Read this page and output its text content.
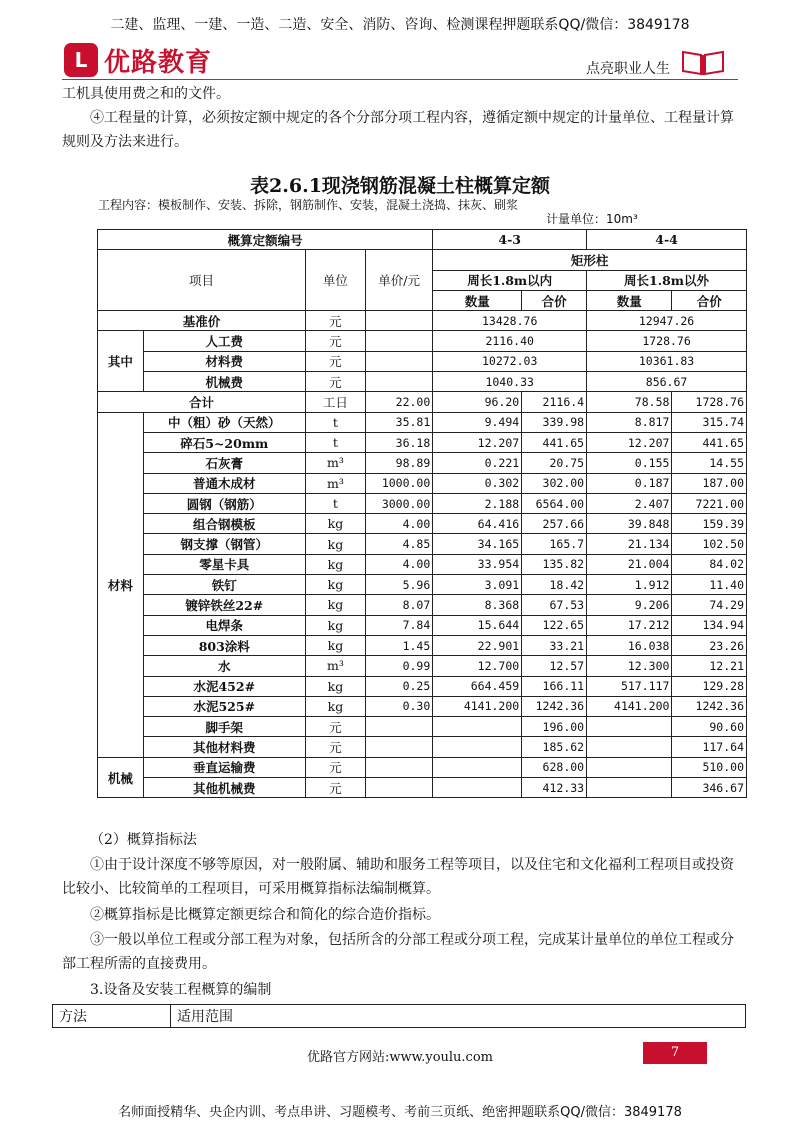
二建、监理、一建、一造、二造、安全、消防、咨询、检测课程押题联系QQ/微信：3849178
L 优路教育	点亮职业人生
工机具使用费之和的文件。
④工程量的计算，必须按定额中规定的各个分部分项工程内容，遵循定额中规定的计量单位、工程量计算规则及方法来进行。
表2.6.1现浇钢筋混凝土柱概算定额
工程内容：模板制作、安装、拆除，钢筋制作、安装，混凝土浇捣、抹灰、刷浆
计量单位：10m³
概算定额编号				4-3		4-4	
项目		单位	单价/元	矩形柱			
				周长1.8m以内		周长1.8m以外	
				数量	合价	数量	合价
基准价		元		13428.76		12947.26	
其中	人工费	元		2116.40		1728.76	
	材料费	元		10272.03		10361.83	
	机械费	元		1040.33		856.67	
合计		工日	22.00	96.20	2116.4	78.58	1728.76
材料	中（粗）砂（天然）	t	35.81	9.494	339.98	8.817	315.74
	碎石5~20mm	t	36.18	12.207	441.65	12.207	441.65
	石灰膏	m³	98.89	0.221	20.75	0.155	14.55
	普通木成材	m³	1000.00	0.302	302.00	0.187	187.00
	圆钢（钢筋）	t	3000.00	2.188	6564.00	2.407	7221.00
	组合钢模板	kg	4.00	64.416	257.66	39.848	159.39
	钢支撑（钢管）	kg	4.85	34.165	165.7	21.134	102.50
	零星卡具	kg	4.00	33.954	135.82	21.004	84.02
	铁钉	kg	5.96	3.091	18.42	1.912	11.40
	镀锌铁丝22#	kg	8.07	8.368	67.53	9.206	74.29
	电焊条	kg	7.84	15.644	122.65	17.212	134.94
	803涂料	kg	1.45	22.901	33.21	16.038	23.26
	水	m³	0.99	12.700	12.57	12.300	12.21
	水泥452#	kg	0.25	664.459	166.11	517.117	129.28
	水泥525#	kg	0.30	4141.200	1242.36	4141.200	1242.36
	脚手架	元			196.00		90.60
	其他材料费	元			185.62		117.64
机械	垂直运输费	元			628.00		510.00
	其他机械费	元			412.33		346.67
（2）概算指标法
①由于设计深度不够等原因，对一般附属、辅助和服务工程等项目，以及住宅和文化福利工程项目或投资比较小、比较简单的工程项目，可采用概算指标法编制概算。
②概算指标是比概算定额更综合和简化的综合造价指标。
③一般以单位工程或分部工程为对象，包括所含的分部工程或分项工程，完成某计量单位的单位工程或分部工程所需的直接费用。
3.设备及安装工程概算的编制
方法	适用范围
优路官方网站:www.youlu.com	7
名师面授精华、央企内训、考点串讲、习题模考、考前三页纸、绝密押题联系QQ/微信：3849178
